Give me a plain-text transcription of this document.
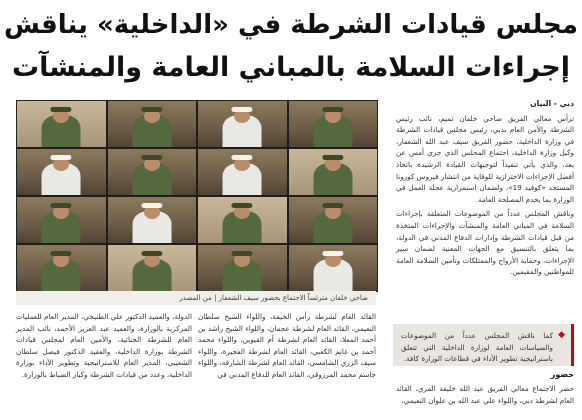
مجلس قيادات الشرطة في «الداخلية» يناقش
إجراءات السلامة بالمباني العامة والمنشآت
دبي - البيان

ترأس معالي الفريق ضاحي خلفان تميم، نائب رئيس الشرطة والأمن العام بدبي، رئيس مجلس قيادات الشرطة في وزارة الداخلية، حضور الفريق سيف عبد الله الشعفار، وكيل وزارة الداخلية، اجتماع المجلس الذي جرى أمس عن بعد، والذي يأتي تنفيذاً لتوجيهات القيادة الرشيدة باتخاذ أفضل الإجراءات الاحترازية للوقاية من انتشار فيروس كورونا المستجد «كوفيد 19»، ولضمان استمرارية عجلة العمل في الوزارة بما يخدم المصلحة العامة.

وناقش المجلس عدداً من الموضوعات المتعلقة بإجراءات السلامة في المباني العامة والمنشآت والإجراءات المتخذة من قبل قيادات الشرطة وإدارات الدفاع المدني في الدولة، بما يتعلق بالتنسيق مع الجهات المعنية لضمان سير الإجراءات، وحماية الأرواح والممتلكات وتأمين السلامة العامة للمواطنين والمقيمين.

◆
كما ناقش المجلس عدداً من الموضوعات والسياسات العامة لوزارة الداخلية التي تتعلق باستراتيجية تطوير الأداء في قطاعات الوزارة كافة.
حضور
حضر الاجتماع معالي الفريق عبد الله خليفة المري، القائد العام لشرطة دبي، واللواء علي عبد الله بن علوان النعيمي،
ضاحي خلفان مترئساً الاجتماع بحضور سيف الشعفار | من المصدر
القائد العام لشرطة رأس الخيمة، واللواء الشيخ سلطان النعيمي، القائد العام لشرطة عجمان، واللواء الشيخ راشد بن أحمد المعلا، القائد العام لشرطة أم القيوين، واللواء محمد أحمد بن غانم الكعبي، القائد العام لشرطة الفجيرة، واللواء سيف الزري الشامسي، القائد العام لشرطة الشارقة، واللواء جاسم محمد المرزوقي، القائد العام للدفاع المدني في
الدولة، والعميد الدكتور علي الطنيجي، المدير العام للعمليات المركزية بالوزارة، والعميد عبد العزيز الأحمد، نائب المدير العام للشرطة الجنائية، والأمين العام لمجلس قيادات الشرطة بوزارة الداخلية، والعقيد الدكتور فيصل سلطان الشعيبي، المدير العام للاستراتيجية وتطوير الأداء بوزارة الداخلية، وعدد من قيادات الشرطة وكبار الضباط بالوزارة.
